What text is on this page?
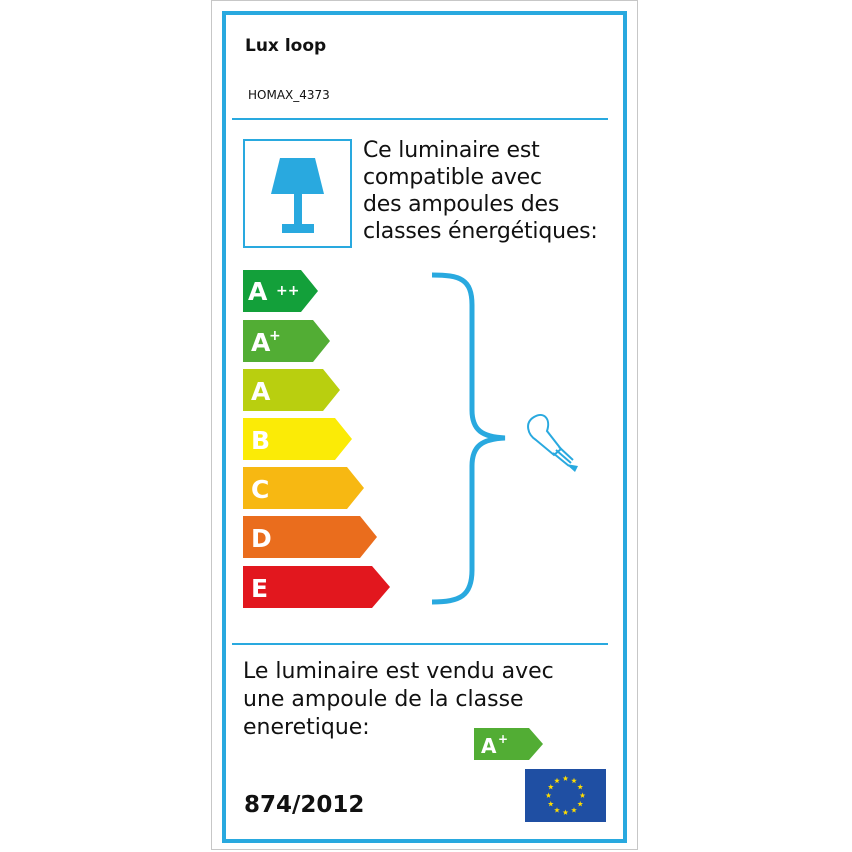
Lux loop
HOMAX_4373
Ce luminaire est
compatible avec
des ampoules des
classes énergétiques:
A ++
A
+
A
B
C
D
E
Le luminaire est vendu avec
une ampoule de la classe
eneretique:
A +
874/2012
